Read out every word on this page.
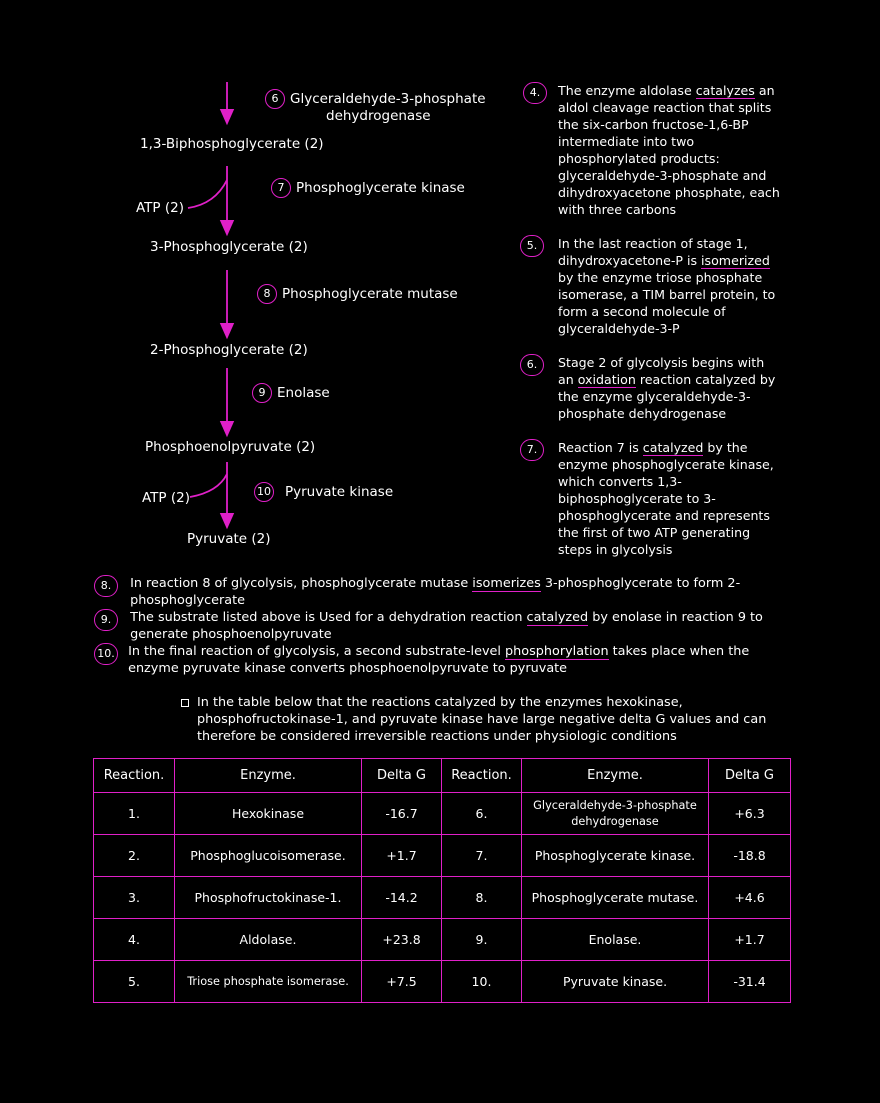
1,3-Biphosphoglycerate (2)
3-Phosphoglycerate (2)
2-Phosphoglycerate (2)
Phosphoenolpyruvate (2)
Pyruvate (2)
ATP (2)
ATP (2)
6 Glyceraldehyde-3-phosphate
dehydrogenase
7 Phosphoglycerate kinase
8 Phosphoglycerate mutase
9 Enolase
10 Pyruvate kinase
4. The enzyme aldolase catalyzes an aldol cleavage reaction that splits the six-carbon fructose-1,6-BP intermediate into two phosphorylated products: glyceraldehyde-3-phosphate and dihydroxyacetone phosphate, each with three carbons
5. In the last reaction of stage 1, dihydroxyacetone-P is isomerized by the enzyme triose phosphate isomerase, a TIM barrel protein, to form a second molecule of glyceraldehyde-3-P
6. Stage 2 of glycolysis begins with an oxidation reaction catalyzed by the enzyme glyceraldehyde-3-phosphate dehydrogenase
7. Reaction 7 is catalyzed by the enzyme phosphoglycerate kinase, which converts 1,3-biphosphoglycerate to 3-phosphoglycerate and represents the first of two ATP generating steps in glycolysis
8. In reaction 8 of glycolysis, phosphoglycerate mutase isomerizes 3-phosphoglycerate to form 2-phosphoglycerate
9. The substrate listed above is Used for a dehydration reaction catalyzed by enolase in reaction 9 to generate phosphoenolpyruvate
10. In the final reaction of glycolysis, a second substrate-level phosphorylation takes place when the enzyme pyruvate kinase converts phosphoenolpyruvate to pyruvate
In the table below that the reactions catalyzed by the enzymes hexokinase, phosphofructokinase-1, and pyruvate kinase have large negative delta G values and can therefore be considered irreversible reactions under physiologic conditions
Reaction.	Enzyme.	Delta G	Reaction.	Enzyme.	Delta G
1.	Hexokinase	-16.7	6.	Glyceraldehyde-3-phosphate dehydrogenase	+6.3
2.	Phosphoglucoisomerase.	+1.7	7.	Phosphoglycerate kinase.	-18.8
3.	Phosphofructokinase-1.	-14.2	8.	Phosphoglycerate mutase.	+4.6
4.	Aldolase.	+23.8	9.	Enolase.	+1.7
5.	Triose phosphate isomerase.	+7.5	10.	Pyruvate kinase.	-31.4
